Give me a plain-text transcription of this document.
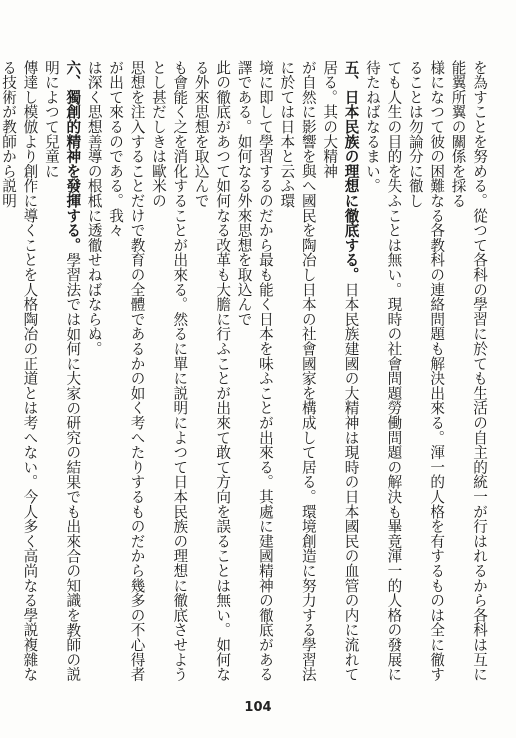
を為すことを努める。從つて各科の學習に於ても生活の自主的統一が行はれるから各科は互に能翼所翼の關係を採る

様になつて彼の困難なる各教科の連絡問題も解決出來る。渾一的人格を有するものは全に徹することは勿論分に徹し

ても人生の目的を失ふことは無い。現時の社會問題勞働問題の解決も畢竟渾一的人格の發展に待たねばなるまい。

五、日本民族の理想に徹底する。日本民族建國の大精神は現時の日本國民の血管の内に流れて居る。其の大精神

が自然に影響を與へ國民を陶冶し日本の社會國家を構成して居る。環境創造に努力する學習法に於ては日本と云ふ環

境に即して學習するのだから最も能く日本を味ふことが出來る。其處に建國精神の徹底がある譯である。如何なる外來思想を取込んで

此の徹底があつて如何なる改革も大膽に行ふことが出來て敢て方向を誤ることは無い。如何なる外來思想を取込んで

も會能く之を消化することが出來る。然るに單に説明によつて日本民族の理想に徹底させようとし甚だしきは歐米の

思想を注入することだけで教育の全體であるかの如く考へたりするものだから幾多の不心得者が出て來るのである。我々

は深く思想善導の根柢に透徹せねばならぬ。

六、獨創的精神を發揮する。學習法では如何に大家の研究の結果でも出來合の知識を教師の説明によつて兒童に

傳達し模倣より創作に導くことを人格陶冶の正道とは考へない。今人多く高尚なる學説複雜なる技術が教師から説明

104
